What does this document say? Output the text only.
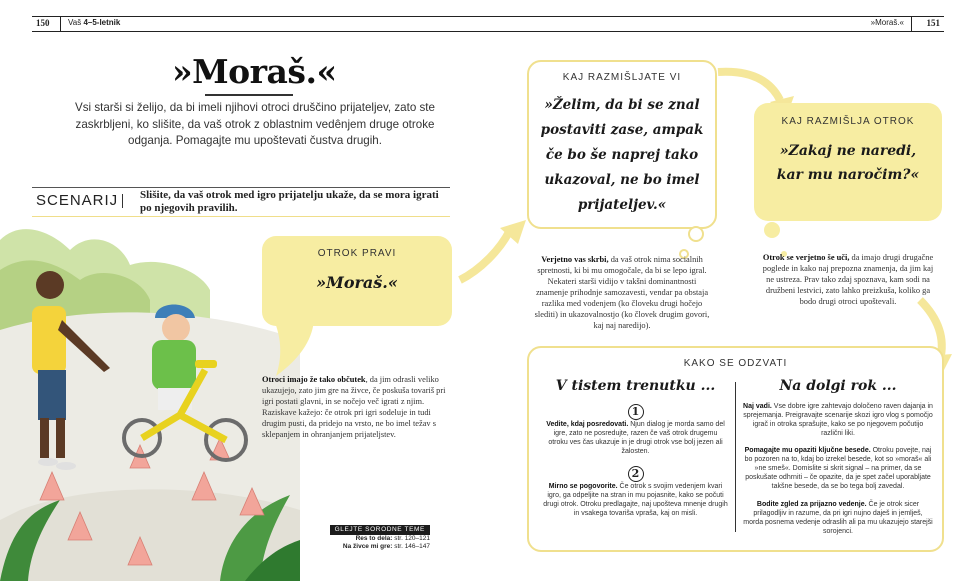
150 Vaš 4–5-letnik	»Moraš.«	151
»Moraš.«
Vsi starši si želijo, da bi imeli njihovi otroci druščino prijateljev, zato ste zaskrbljeni, ko slišite, da vaš otrok z oblastnim vedênjem druge otroke odganja. Pomagajte mu upoštevati čustva drugih.
SCENARIJ Slišite, da vaš otrok med igro prijatelju ukaže, da se mora igrati po njegovih pravilih.
OTROK PRAVI
»Moraš.«
Otroci imajo že tako občutek, da jim odrasli veliko ukazujejo, zato jim gre na živce, če poskuša tovariš pri igri postati glavni, in se nočejo več igrati z njim. Raziskave kažejo: če otrok pri igri sodeluje in tudi drugim pusti, da pridejo na vrsto, ne bo imel težav s sklepanjem in ohranjanjem prijateljstev.
GLEJTE SORODNE TEME
Res to dela: str. 120–121
Na živce mi gre: str. 146–147
KAJ RAZMIŠLJATE VI
»Želim, da bi se znal postaviti zase, ampak če bo še naprej tako ukazoval, ne bo imel prijateljev.«
Verjetno vas skrbi, da vaš otrok nima socialnih spretnosti, ki bi mu omogočale, da bi se lepo igral. Nekateri starši vidijo v takšni dominantnosti znamenje prihodnje samozavesti, vendar pa obstaja razlika med vodenjem (ko človeku drugi hočejo slediti) in ukazovalnostjo (ko človek drugim govori, kaj naj naredijo).
KAJ RAZMIŠLJA OTROK
»Zakaj ne naredi, kar mu naročim?«
Otrok se verjetno še uči, da imajo drugi drugačne poglede in kako naj prepozna znamenja, da jim kaj ne ustreza. Prav tako zdaj spoznava, kam sodi na družbeni lestvici, zato lahko preizkuša, koliko ga bodo drugi otroci upoštevali.
KAKO SE ODZVATI
V tistem trenutku ...
1
Vedite, kdaj posredovati. Njun dialog je morda samo del igre, zato ne posredujte, razen če vaš otrok drugemu otroku ves čas ukazuje in je drugi otrok vse bolj jezen ali žalosten.
2
Mirno se pogovorite. Če otrok s svojim vedenjem kvari igro, ga odpeljite na stran in mu pojasnite, kako se počuti drugi otrok. Otroku predlagajte, naj upošteva mnenje drugih in vsakega tovariša vpraša, kaj on misli.
Na dolgi rok ...
Naj vadi. Vse dobre igre zahtevajo določeno raven dajanja in sprejemanja. Preigravajte scenarije skozi igro vlog s pomočjo igrač in otroka sprašujte, kako se po njegovem počutijo različni liki.
Pomagajte mu opaziti ključne besede. Otroku povejte, naj bo pozoren na to, kdaj bo izrekel besede, kot so »moraš« ali »ne smeš«. Domislite si skrit signal – na primer, da se poskušate odhrniti – če opazite, da je spet začel uporabljate takšne besede, da se bo tega bolj zavedal.
Bodite zgled za prijazno vedenje. Če je otrok sicer prilagodljiv in razume, da pri igri nujno daješ in jemlješ, morda posnema vedenje odraslih ali pa mu ukazujejo starejši sorojenci.
